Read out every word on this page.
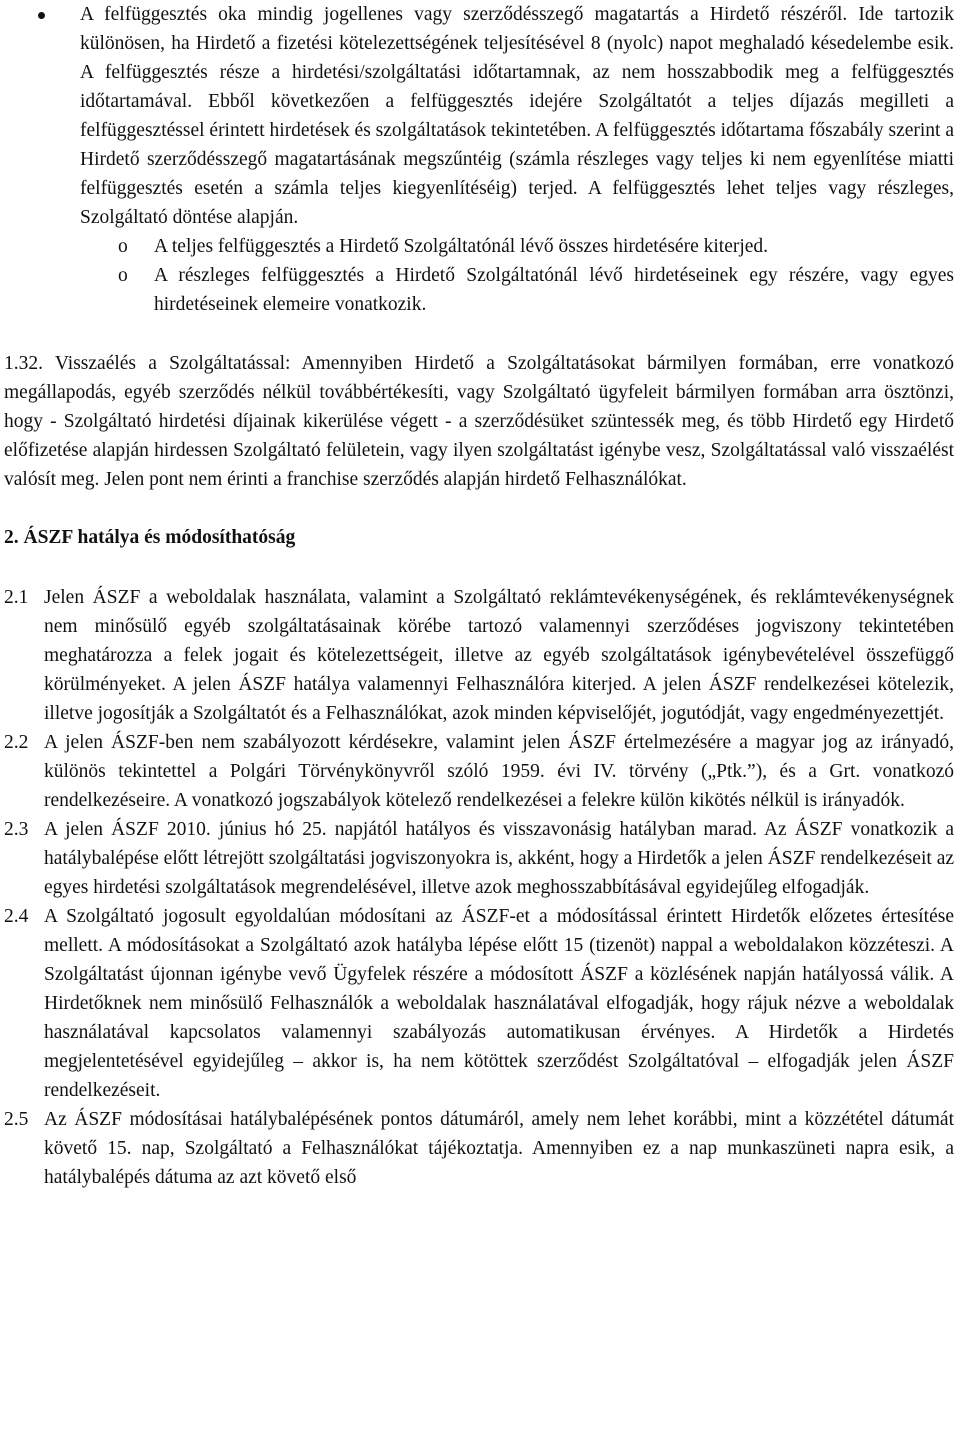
A felfüggesztés oka mindig jogellenes vagy szerződésszegő magatartás a Hirdető részéről. Ide tartozik különösen, ha Hirdető a fizetési kötelezettségének teljesítésével 8 (nyolc) napot meghaladó késedelembe esik. A felfüggesztés része a hirdetési/szolgáltatási időtartamnak, az nem hosszabbodik meg a felfüggesztés időtartamával. Ebből következően a felfüggesztés idejére Szolgáltatót a teljes díjazás megilleti a felfüggesztéssel érintett hirdetések és szolgáltatások tekintetében. A felfüggesztés időtartama főszabály szerint a Hirdető szerződésszegő magatartásának megszűntéig (számla részleges vagy teljes ki nem egyenlítése miatti felfüggesztés esetén a számla teljes kiegyenlítéséig) terjed. A felfüggesztés lehet teljes vagy részleges, Szolgáltató döntése alapján.

o A teljes felfüggesztés a Hirdető Szolgáltatónál lévő összes hirdetésére kiterjed.

o A részleges felfüggesztés a Hirdető Szolgáltatónál lévő hirdetéseinek egy részére, vagy egyes hirdetéseinek elemeire vonatkozik.

1.32. Visszaélés a Szolgáltatással: Amennyiben Hirdető a Szolgáltatásokat bármilyen formában, erre vonatkozó megállapodás, egyéb szerződés nélkül továbbértékesíti, vagy Szolgáltató ügyfeleit bármilyen formában arra ösztönzi, hogy - Szolgáltató hirdetési díjainak kikerülése végett - a szerződésüket szüntessék meg, és több Hirdető egy Hirdető előfizetése alapján hirdessen Szolgáltató felületein, vagy ilyen szolgáltatást igénybe vesz, Szolgáltatással való visszaélést valósít meg. Jelen pont nem érinti a franchise szerződés alapján hirdető Felhasználókat.

2. ÁSZF hatálya és módosíthatóság
2.1 Jelen ÁSZF a weboldalak használata, valamint a Szolgáltató reklámtevékenységének, és reklámtevékenységnek nem minősülő egyéb szolgáltatásainak körébe tartozó valamennyi szerződéses jogviszony tekintetében meghatározza a felek jogait és kötelezettségeit, illetve az egyéb szolgáltatások igénybevételével összefüggő körülményeket. A jelen ÁSZF hatálya valamennyi Felhasználóra kiterjed. A jelen ÁSZF rendelkezései kötelezik, illetve jogosítják a Szolgáltatót és a Felhasználókat, azok minden képviselőjét, jogutódját, vagy engedményezettjét.

2.2 A jelen ÁSZF-ben nem szabályozott kérdésekre, valamint jelen ÁSZF értelmezésére a magyar jog az irányadó, különös tekintettel a Polgári Törvénykönyvről szóló 1959. évi IV. törvény („Ptk.”), és a Grt. vonatkozó rendelkezéseire. A vonatkozó jogszabályok kötelező rendelkezései a felekre külön kikötés nélkül is irányadók.

2.3 A jelen ÁSZF 2010. június hó 25. napjától hatályos és visszavonásig hatályban marad. Az ÁSZF vonatkozik a hatálybalépése előtt létrejött szolgáltatási jogviszonyokra is, akként, hogy a Hirdetők a jelen ÁSZF rendelkezéseit az egyes hirdetési szolgáltatások megrendelésével, illetve azok meghosszabbításával egyidejűleg elfogadják.

2.4 A Szolgáltató jogosult egyoldalúan módosítani az ÁSZF-et a módosítással érintett Hirdetők előzetes értesítése mellett. A módosításokat a Szolgáltató azok hatályba lépése előtt 15 (tizenöt) nappal a weboldalakon közzéteszi. A Szolgáltatást újonnan igénybe vevő Ügyfelek részére a módosított ÁSZF a közlésének napján hatályossá válik. A Hirdetőknek nem minősülő Felhasználók a weboldalak használatával elfogadják, hogy rájuk nézve a weboldalak használatával kapcsolatos valamennyi szabályozás automatikusan érvényes. A Hirdetők a Hirdetés megjelentetésével egyidejűleg – akkor is, ha nem kötöttek szerződést Szolgáltatóval – elfogadják jelen ÁSZF rendelkezéseit.

2.5 Az ÁSZF módosításai hatálybalépésének pontos dátumáról, amely nem lehet korábbi, mint a közzététel dátumát követő 15. nap, Szolgáltató a Felhasználókat tájékoztatja. Amennyiben ez a nap munkaszüneti napra esik, a hatálybalépés dátuma az azt követő első
